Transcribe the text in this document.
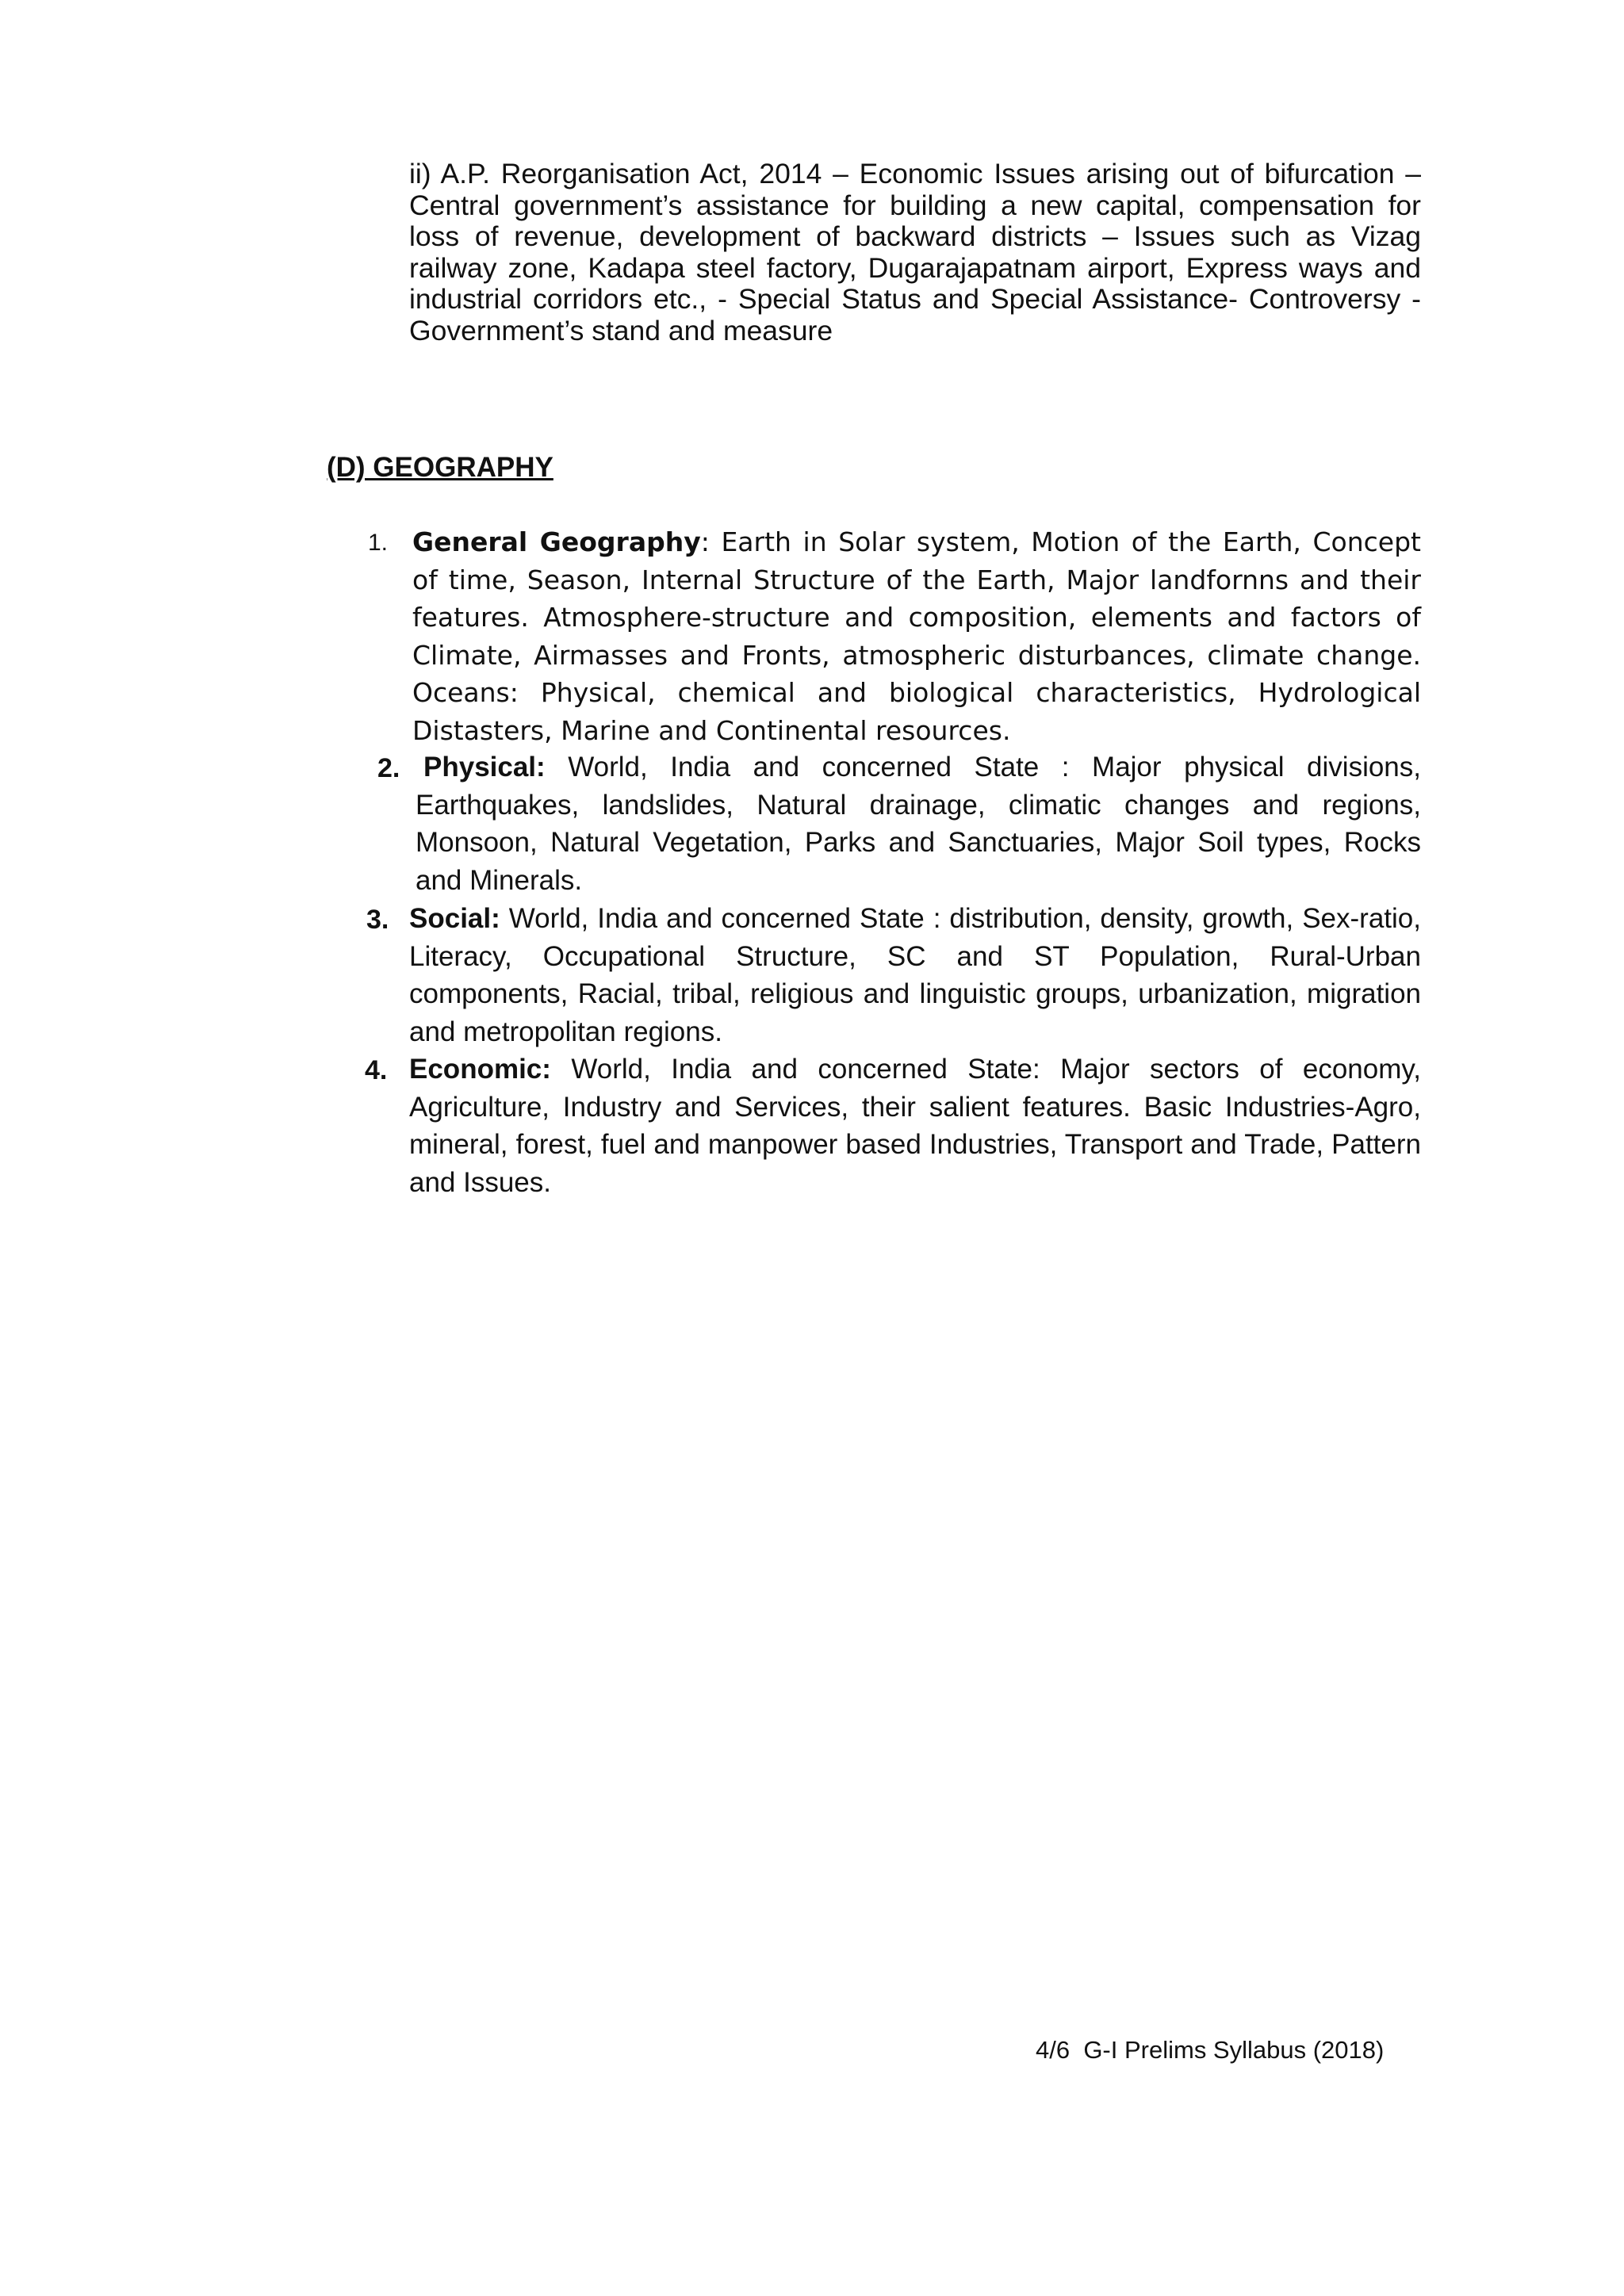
ii) A.P. Reorganisation Act, 2014 – Economic Issues arising out of bifurcation – Central government’s assistance for building a new capital, compensation for loss of revenue, development of backward districts – Issues such as Vizag railway zone, Kadapa steel factory, Dugarajapatnam airport, Express ways and industrial corridors etc., - Special Status and Special Assistance- Controversy - Government’s stand and measure

(D) GEOGRAPHY
1. General Geography: Earth in Solar system, Motion of the Earth, Concept of time, Season, Internal Structure of the Earth, Major landfornns and their features. Atmosphere-structure and composition, elements and factors of Climate, Airmasses and Fronts, atmospheric disturbances, climate change. Oceans: Physical, chemical and biological characteristics, Hydrological Distasters, Marine and Continental resources.

2. Physical: World, India and concerned State : Major physical divisions, Earthquakes, landslides, Natural drainage, climatic changes and regions, Monsoon, Natural Vegetation, Parks and Sanctuaries, Major Soil types, Rocks and Minerals.

3. Social: World, India and concerned State : distribution, density, growth, Sex-ratio, Literacy, Occupational Structure, SC and ST Population, Rural-Urban components, Racial, tribal, religious and linguistic groups, urbanization, migration and metropolitan regions.

4. Economic: World, India and concerned State: Major sectors of economy, Agriculture, Industry and Services, their salient features. Basic Industries-Agro, mineral, forest, fuel and manpower based Industries, Transport and Trade, Pattern and Issues.

4/6  G-I Prelims Syllabus (2018)
